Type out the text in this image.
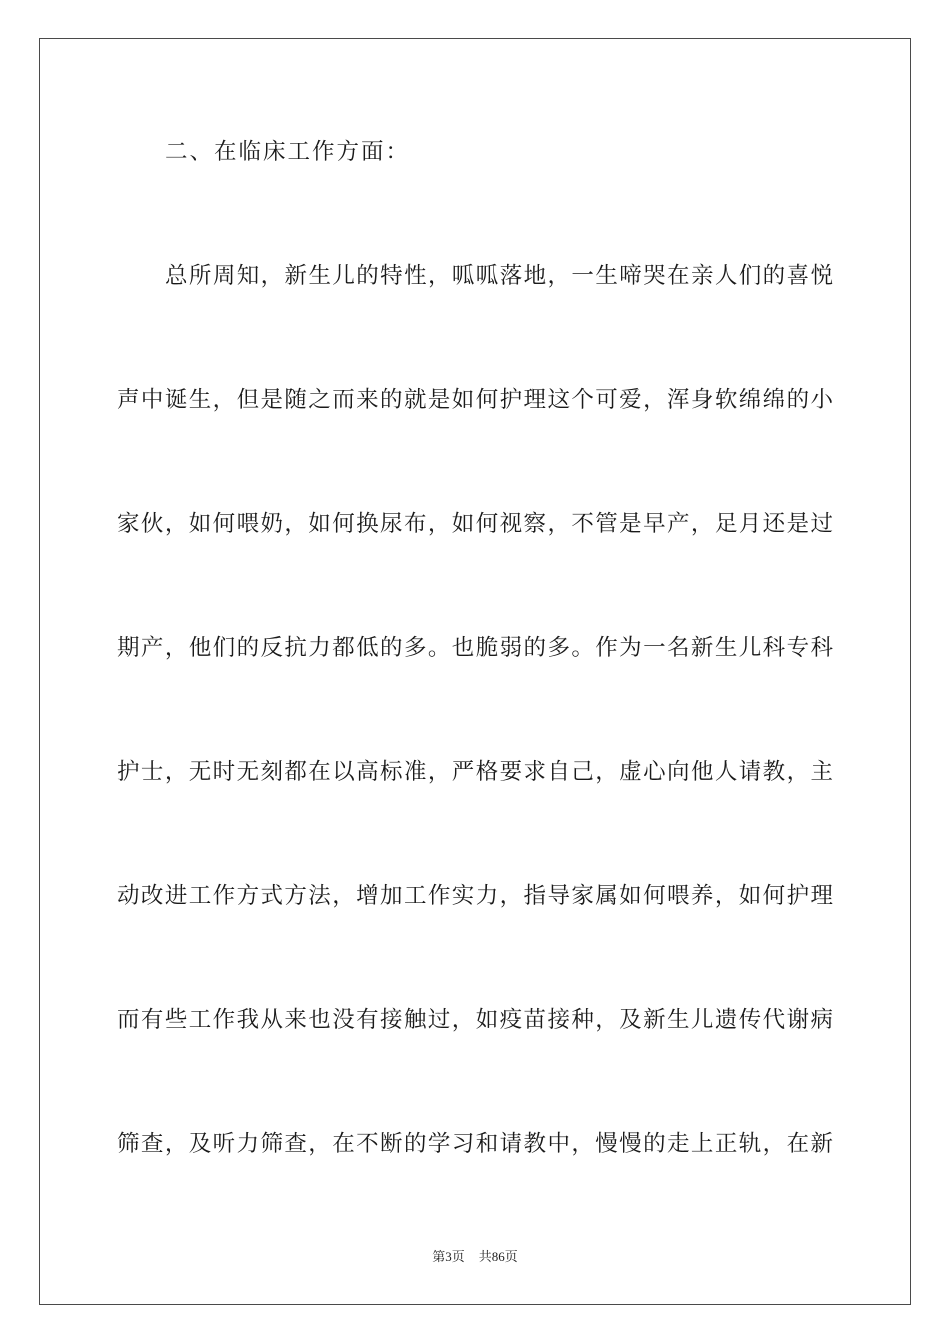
二、在临床工作方面：
总所周知，新生儿的特性，呱呱落地，一生啼哭在亲人们的喜悦
声中诞生，但是随之而来的就是如何护理这个可爱，浑身软绵绵的小
家伙，如何喂奶，如何换尿布，如何视察，不管是早产，足月还是过
期产，他们的反抗力都低的多。也脆弱的多。作为一名新生儿科专科
护士，无时无刻都在以高标准，严格要求自己，虚心向他人请教，主
动改进工作方式方法，增加工作实力，指导家属如何喂养，如何护理
而有些工作我从来也没有接触过，如疫苗接种，及新生儿遗传代谢病
筛查，及听力筛查，在不断的学习和请教中，慢慢的走上正轨，在新
第3页 共86页
